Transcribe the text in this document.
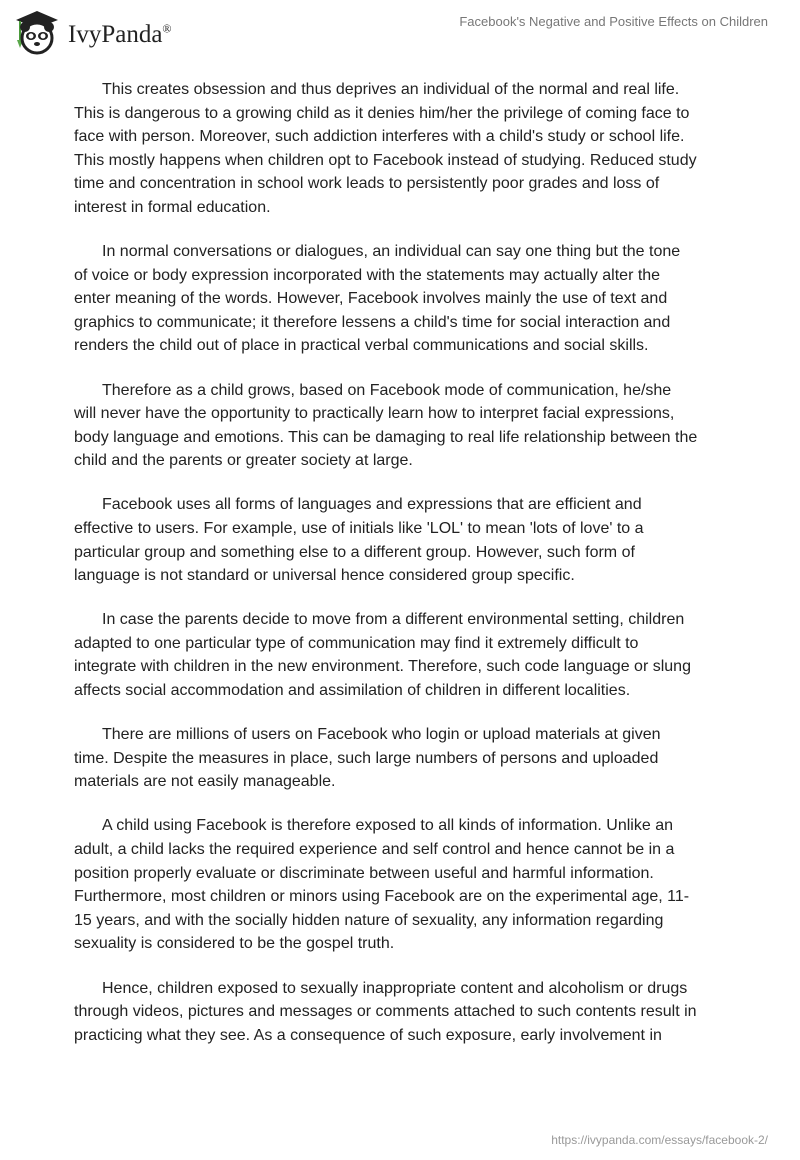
IvyPanda®	Facebook's Negative and Positive Effects on Children

This creates obsession and thus deprives an individual of the normal and real life.
This is dangerous to a growing child as it denies him/her the privilege of coming face to
face with person. Moreover, such addiction interferes with a child's study or school life.
This mostly happens when children opt to Facebook instead of studying. Reduced study
time and concentration in school work leads to persistently poor grades and loss of
interest in formal education.

In normal conversations or dialogues, an individual can say one thing but the tone
of voice or body expression incorporated with the statements may actually alter the
enter meaning of the words. However, Facebook involves mainly the use of text and
graphics to communicate; it therefore lessens a child's time for social interaction and
renders the child out of place in practical verbal communications and social skills.

Therefore as a child grows, based on Facebook mode of communication, he/she
will never have the opportunity to practically learn how to interpret facial expressions,
body language and emotions. This can be damaging to real life relationship between the
child and the parents or greater society at large.

Facebook uses all forms of languages and expressions that are efficient and
effective to users. For example, use of initials like 'LOL' to mean 'lots of love' to a
particular group and something else to a different group. However, such form of
language is not standard or universal hence considered group specific.

In case the parents decide to move from a different environmental setting, children
adapted to one particular type of communication may find it extremely difficult to
integrate with children in the new environment. Therefore, such code language or slung
affects social accommodation and assimilation of children in different localities.

There are millions of users on Facebook who login or upload materials at given
time. Despite the measures in place, such large numbers of persons and uploaded
materials are not easily manageable.

A child using Facebook is therefore exposed to all kinds of information. Unlike an
adult, a child lacks the required experience and self control and hence cannot be in a
position properly evaluate or discriminate between useful and harmful information.
Furthermore, most children or minors using Facebook are on the experimental age, 11-
15 years, and with the socially hidden nature of sexuality, any information regarding
sexuality is considered to be the gospel truth.

Hence, children exposed to sexually inappropriate content and alcoholism or drugs
through videos, pictures and messages or comments attached to such contents result in
practicing what they see. As a consequence of such exposure, early involvement in

https://ivypanda.com/essays/facebook-2/
